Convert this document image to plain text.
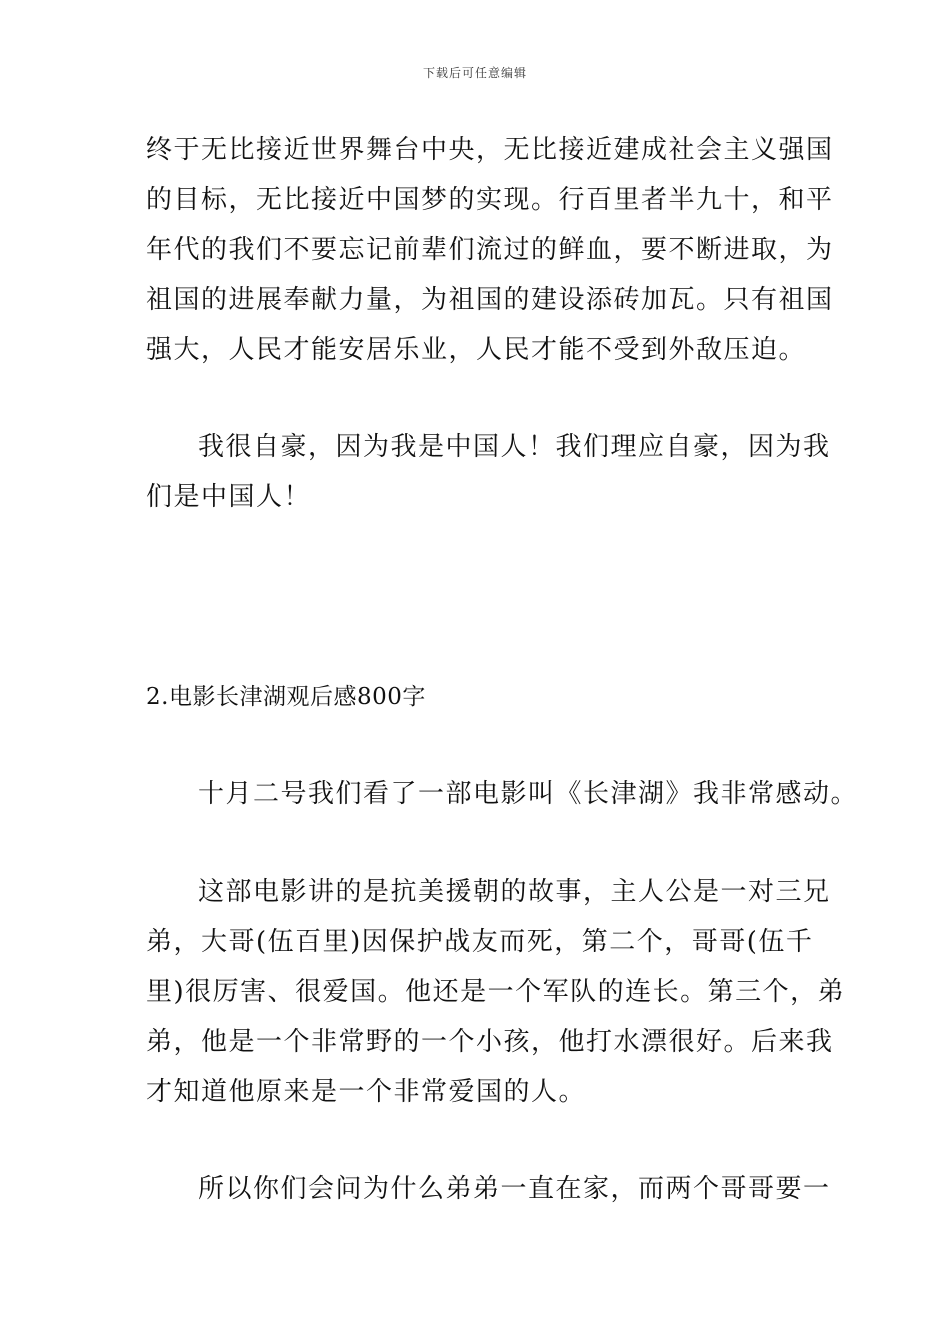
下载后可任意编辑
终于无比接近世界舞台中央，无比接近建成社会主义强国
的目标，无比接近中国梦的实现。行百里者半九十，和平
年代的我们不要忘记前辈们流过的鲜血，要不断进取，为
祖国的进展奉献力量，为祖国的建设添砖加瓦。只有祖国
强大，人民才能安居乐业，人民才能不受到外敌压迫。
我很自豪，因为我是中国人！我们理应自豪，因为我
们是中国人！
2.电影长津湖观后感800字
十月二号我们看了一部电影叫《长津湖》我非常感动。
这部电影讲的是抗美援朝的故事，主人公是一对三兄
弟，大哥(伍百里)因保护战友而死，第二个，哥哥(伍千
里)很厉害、很爱国。他还是一个军队的连长。第三个，弟
弟，他是一个非常野的一个小孩，他打水漂很好。后来我
才知道他原来是一个非常爱国的人。
所以你们会问为什么弟弟一直在家，而两个哥哥要一
